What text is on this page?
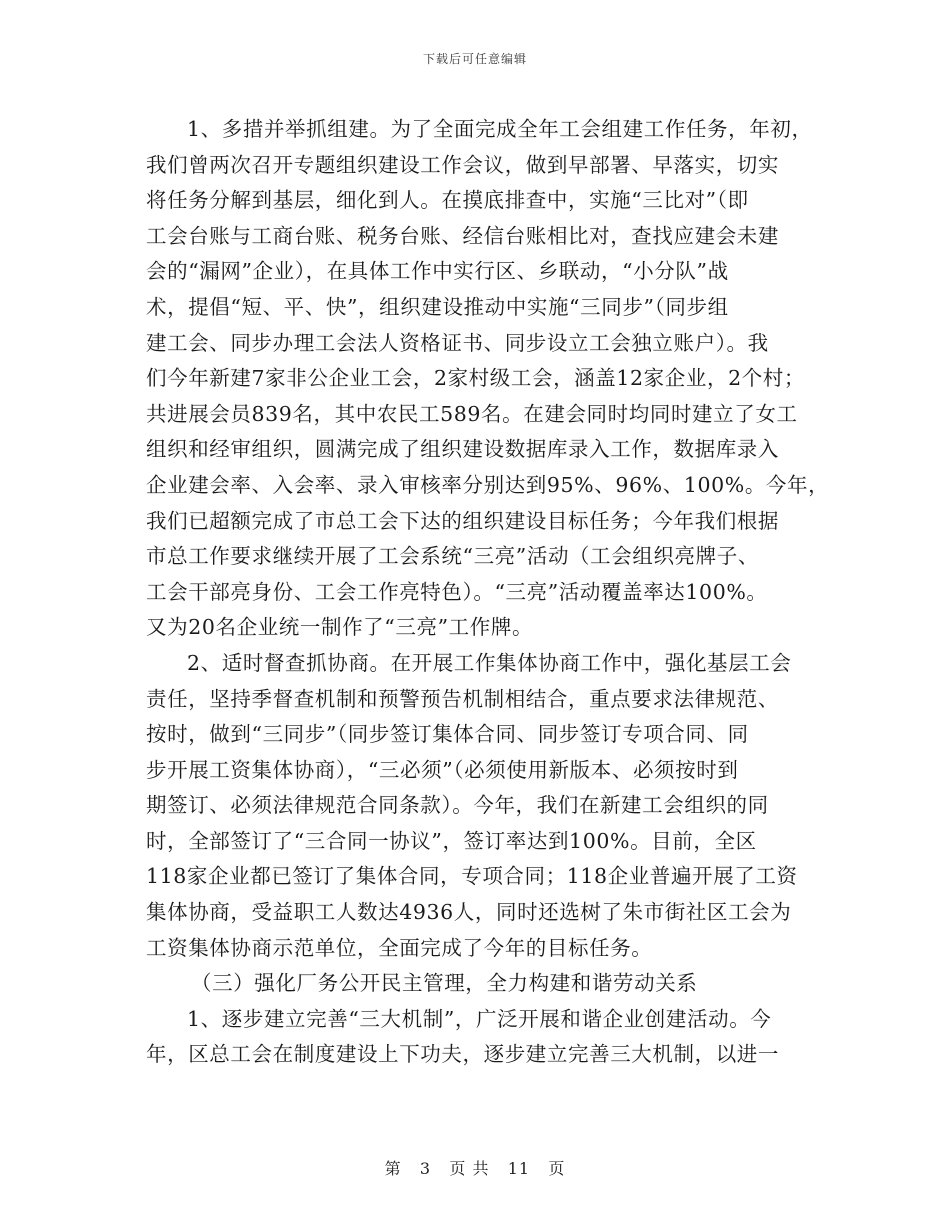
下载后可任意编辑
1、多措并举抓组建。为了全面完成全年工会组建工作任务，年初，
我们曾两次召开专题组织建设工作会议，做到早部署、早落实，切实
将任务分解到基层，细化到人。在摸底排查中，实施“三比对”（即
工会台账与工商台账、税务台账、经信台账相比对，查找应建会未建
会的“漏网”企业），在具体工作中实行区、乡联动，“小分队”战
术，提倡“短、平、快”，组织建设推动中实施“三同步”（同步组
建工会、同步办理工会法人资格证书、同步设立工会独立账户）。我
们今年新建7家非公企业工会，2家村级工会，涵盖12家企业，2个村；
共进展会员839名，其中农民工589名。在建会同时均同时建立了女工
组织和经审组织，圆满完成了组织建设数据库录入工作，数据库录入
企业建会率、入会率、录入审核率分别达到95%、96%、100%。今年，
我们已超额完成了市总工会下达的组织建设目标任务；今年我们根据
市总工作要求继续开展了工会系统“三亮”活动（工会组织亮牌子、
工会干部亮身份、工会工作亮特色）。“三亮”活动覆盖率达100%。
又为20名企业统一制作了“三亮”工作牌。
2、适时督查抓协商。在开展工作集体协商工作中，强化基层工会
责任，坚持季督查机制和预警预告机制相结合，重点要求法律规范、
按时，做到“三同步”（同步签订集体合同、同步签订专项合同、同
步开展工资集体协商），“三必须”（必须使用新版本、必须按时到
期签订、必须法律规范合同条款）。今年，我们在新建工会组织的同
时，全部签订了“三合同一协议”，签订率达到100%。目前，全区
118家企业都已签订了集体合同，专项合同；118企业普遍开展了工资
集体协商，受益职工人数达4936人，同时还选树了朱市街社区工会为
工资集体协商示范单位，全面完成了今年的目标任务。
（三）强化厂务公开民主管理，全力构建和谐劳动关系
1、逐步建立完善“三大机制”，广泛开展和谐企业创建活动。今
年，区总工会在制度建设上下功夫，逐步建立完善三大机制，以进一
第 3 页 共 11 页
